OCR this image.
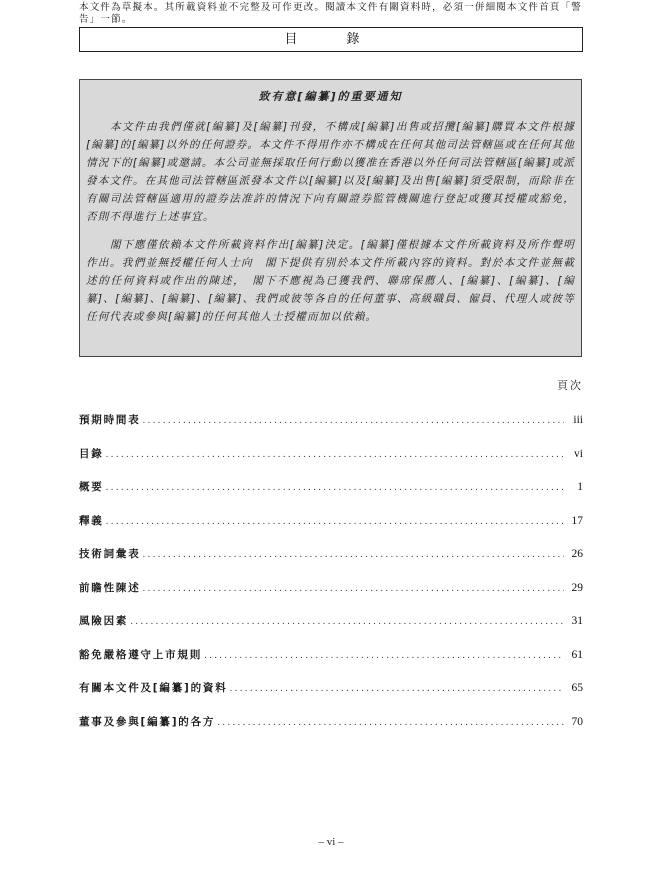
本文件為草擬本。其所載資料並不完整及可作更改。閱讀本文件有關資料時，必須一併細閱本文件首頁「警告」一節。
目　錄
致有意[編纂]的重要通知

本文件由我們僅就[編纂]及[編纂]刊發，不構成[編纂]出售或招攬[編纂]購買本文件根據[編纂]的[編纂]以外的任何證券。本文件不得用作亦不構成在任何其他司法管轄區或在任何其他情況下的[編纂]或邀請。本公司並無採取任何行動以獲准在香港以外任何司法管轄區[編纂]或派發本文件。在其他司法管轄區派發本文件以[編纂]以及[編纂]及出售[編纂]須受限制，而除非在有關司法管轄區適用的證券法准許的情況下向有關證券監管機關進行登記或獲其授權或豁免，否則不得進行上述事宜。

閣下應僅依賴本文件所載資料作出[編纂]決定。[編纂]僅根據本文件所載資料及所作聲明作出。我們並無授權任何人士向　閣下提供有別於本文件所載內容的資料。對於本文件並無載述的任何資料或作出的陳述，　閣下不應視為已獲我們、聯席保薦人、[編纂]、[編纂]、[編纂]、[編纂]、[編纂]、[編纂]、我們或彼等各自的任何董事、高級職員、僱員、代理人或彼等任何代表或參與[編纂]的任何其他人士授權而加以依賴。

頁次
預期時間表 .....	iii
目錄 .....	vi
概要 .....	1
釋義 .....	17
技術詞彙表 .....	26
前瞻性陳述 .....	29
風險因素 .....	31
豁免嚴格遵守上市規則 .....	61
有關本文件及[編纂]的資料 .....	65
董事及參與[編纂]的各方 .....	70
– vi –
